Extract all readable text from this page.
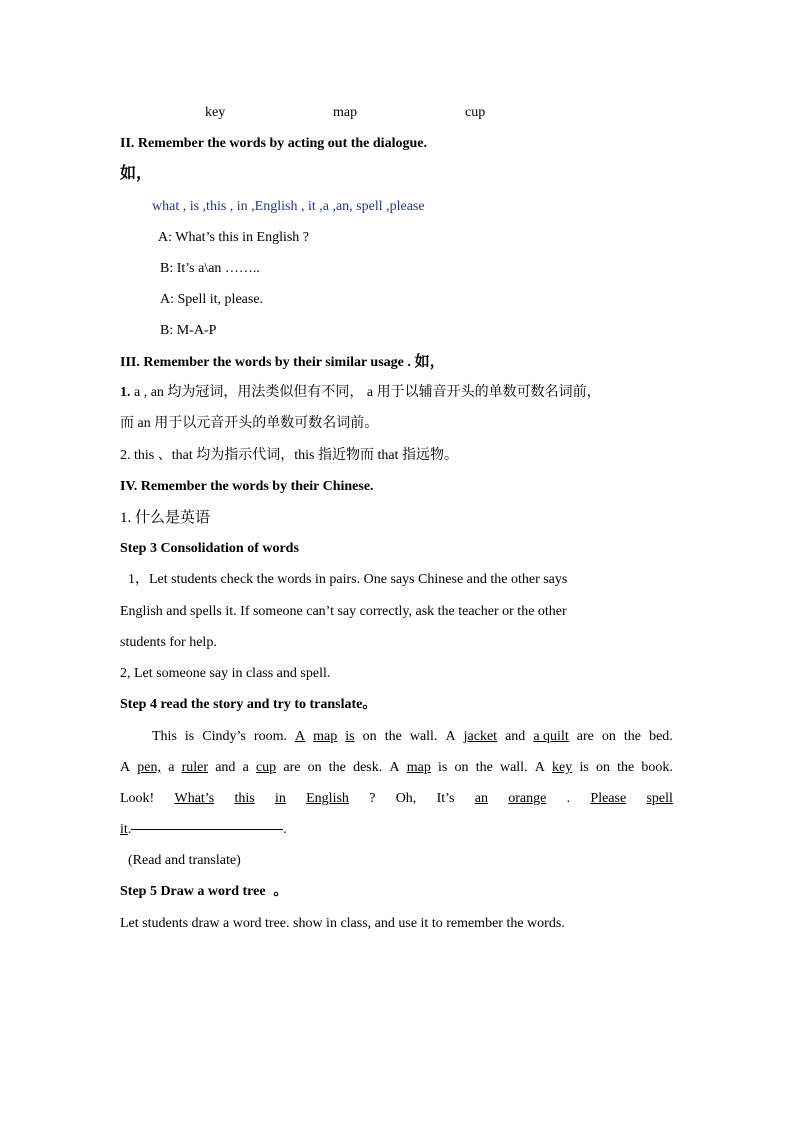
key	map	cup
II. Remember the words by acting out the dialogue.
如，
what , is ,this , in ,English , it ,a ,an, spell ,please
A: What’s this in English ?
B: It’s a\an ……..
A: Spell it, please.
B: M-A-P
III. Remember the words by their similar usage . 如，
1. a , an 均为冠词，用法类似但有不同， a 用于以辅音开头的单数可数名词前，
而 an 用于以元音开头的单数可数名词前。
2. this 、that 均为指示代词，this 指近物而 that 指远物。
IV. Remember the words by their Chinese.
1. 什么是英语
Step 3 Consolidation of words
1，Let students check the words in pairs. One says Chinese and the other says
English and spells it. If someone can’t say correctly, ask the teacher or the other
students for help.
2, Let someone say in class and spell.
Step 4 read the story and try to translate。
This is Cindy’s room. A map is on the wall. A jacket and a quilt are on the bed.
A pen, a ruler and a cup are on the desk. A map is on the wall. A key is on the book.
Look! What’s this in English ? Oh, It’s an orange . Please spell
it .	.
(Read and translate)
Step 5 Draw a word tree 。
Let students draw a word tree. show in class, and use it to remember the words.
